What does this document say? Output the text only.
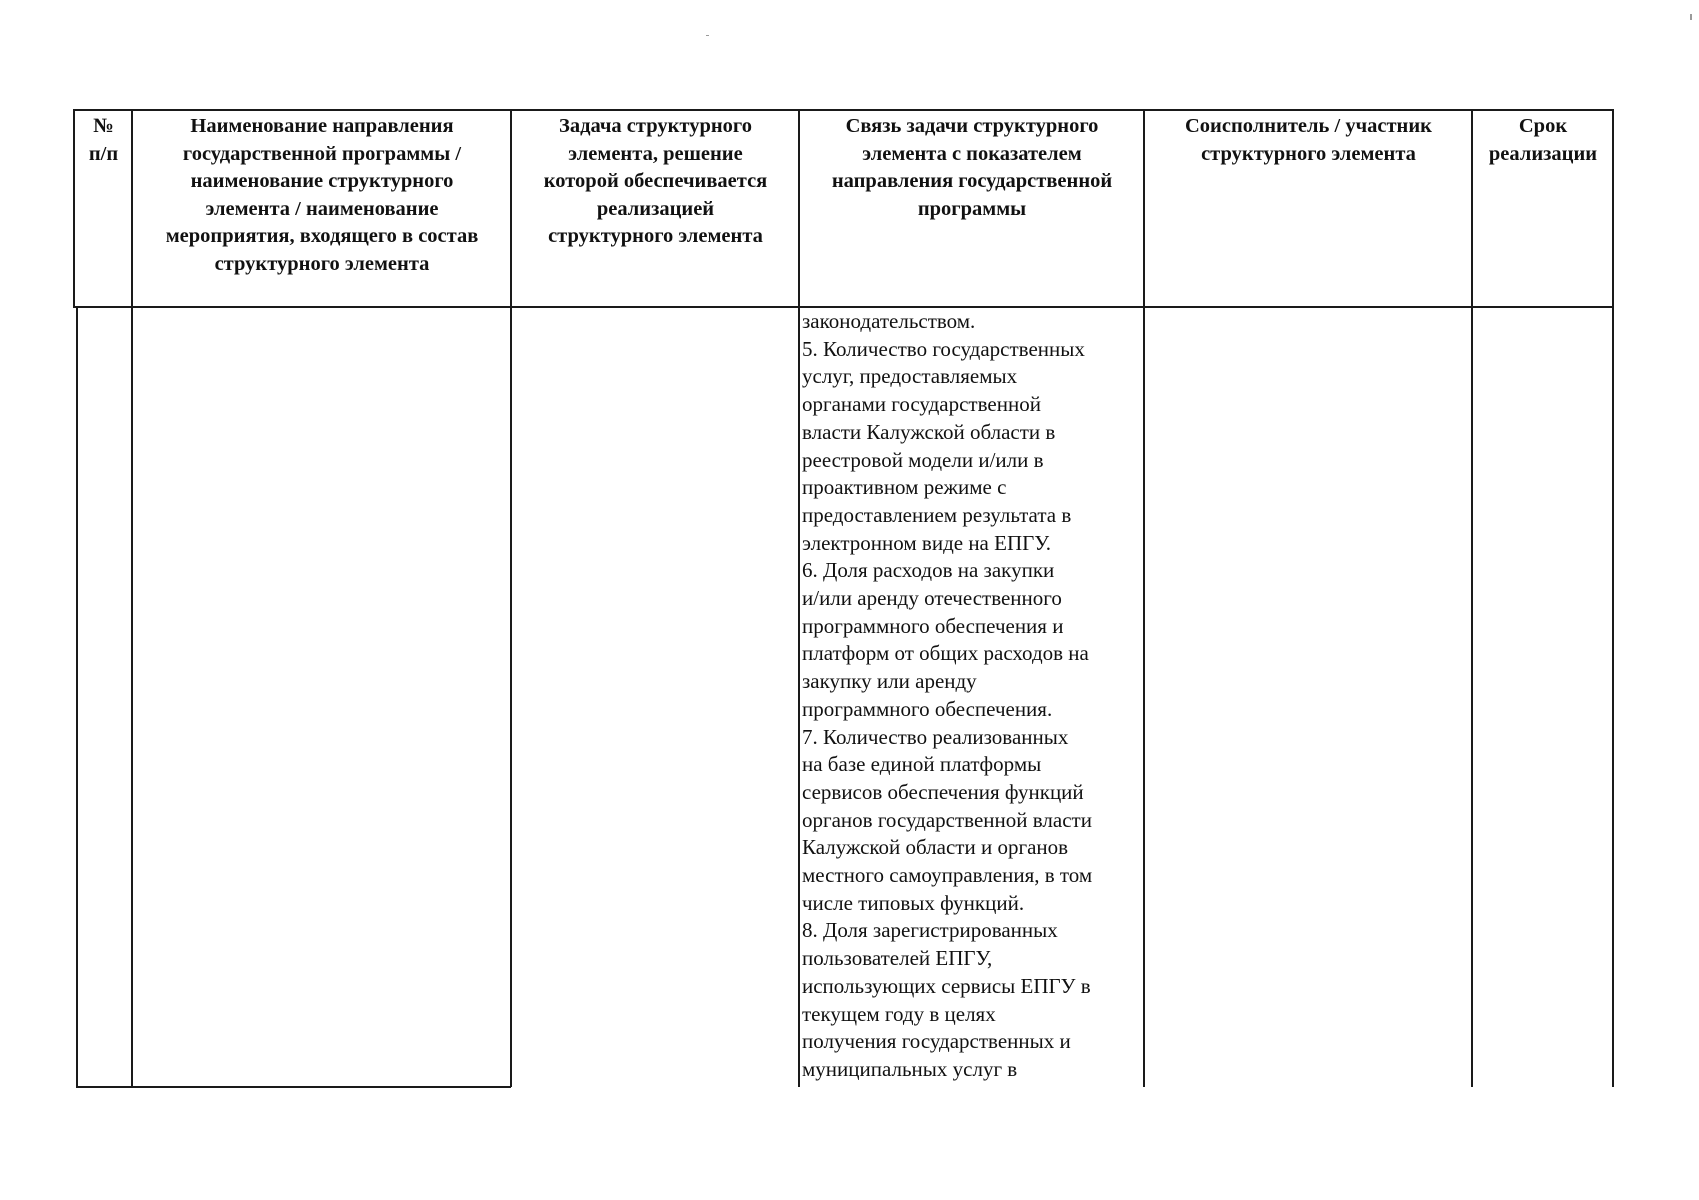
№
п/п
Наименование направления
государственной программы /
наименование структурного
элемента / наименование
мероприятия, входящего в состав
структурного элемента
Задача структурного
элемента, решение
которой обеспечивается
реализацией
структурного элемента
Связь задачи структурного
элемента с показателем
направления государственной
программы
Соисполнитель / участник
структурного элемента
Срок
реализации
законодательством.
5. Количество государственных
услуг, предоставляемых
органами государственной
власти Калужской области в
реестровой модели и/или в
проактивном режиме с
предоставлением результата в
электронном виде на ЕПГУ.
6. Доля расходов на закупки
и/или аренду отечественного
программного обеспечения и
платформ от общих расходов на
закупку или аренду
программного обеспечения.
7. Количество реализованных
на базе единой платформы
сервисов обеспечения функций
органов государственной власти
Калужской области и органов
местного самоуправления, в том
числе типовых функций.
8. Доля зарегистрированных
пользователей ЕПГУ,
использующих сервисы ЕПГУ в
текущем году в целях
получения государственных и
муниципальных услуг в
